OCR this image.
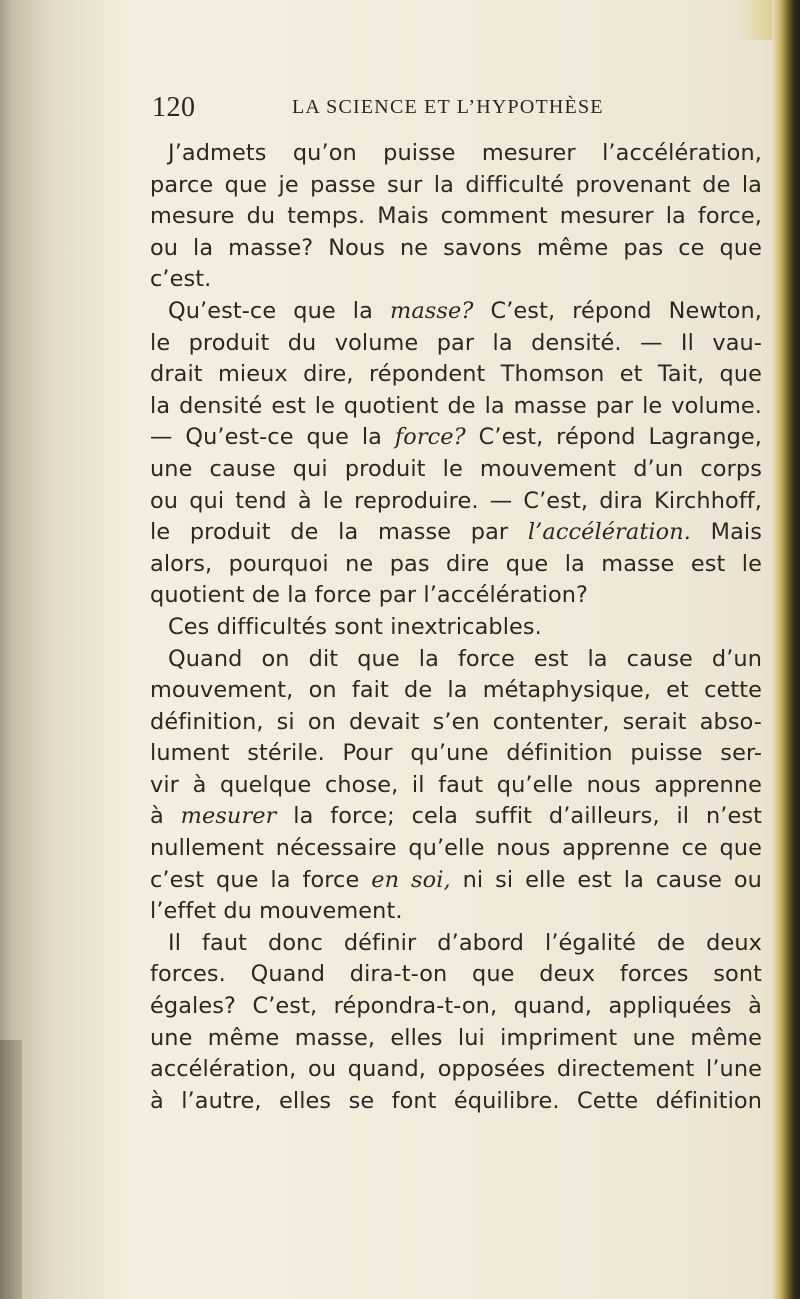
120	LA SCIENCE ET L’HYPOTHÈSE
J’admets qu’on puisse mesurer l’accélération,
parce que je passe sur la difficulté provenant de la
mesure du temps. Mais comment mesurer la force,
ou la masse? Nous ne savons même pas ce que
c’est.
Qu’est-ce que la masse? C’est, répond Newton,
le produit du volume par la densité. — Il vau-
drait mieux dire, répondent Thomson et Tait, que
la densité est le quotient de la masse par le volume.
— Qu’est-ce que la force? C’est, répond Lagrange,
une cause qui produit le mouvement d’un corps
ou qui tend à le reproduire. — C’est, dira Kirchhoff,
le produit de la masse par l’accélération. Mais
alors, pourquoi ne pas dire que la masse est le
quotient de la force par l’accélération?
Ces difficultés sont inextricables.
Quand on dit que la force est la cause d’un
mouvement, on fait de la métaphysique, et cette
définition, si on devait s’en contenter, serait abso-
lument stérile. Pour qu’une définition puisse ser-
vir à quelque chose, il faut qu’elle nous apprenne
à mesurer la force; cela suffit d’ailleurs, il n’est
nullement nécessaire qu’elle nous apprenne ce que
c’est que la force en soi, ni si elle est la cause ou
l’effet du mouvement.
Il faut donc définir d’abord l’égalité de deux
forces. Quand dira-t-on que deux forces sont
égales? C’est, répondra-t-on, quand, appliquées à
une même masse, elles lui impriment une même
accélération, ou quand, opposées directement l’une
à l’autre, elles se font équilibre. Cette définition
